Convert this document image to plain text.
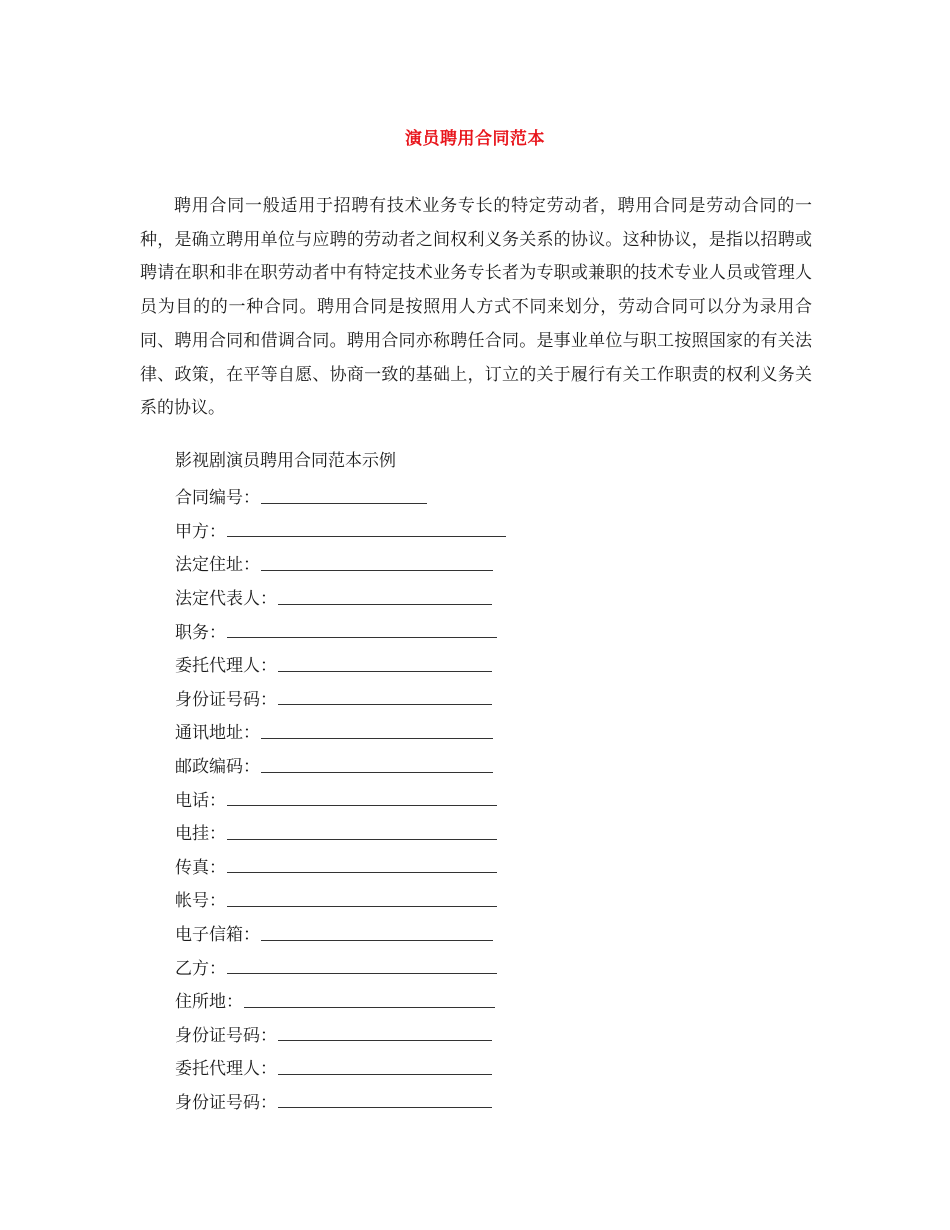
演员聘用合同范本

聘用合同一般适用于招聘有技术业务专长的特定劳动者，聘用合同是劳动合同的一种，是确立聘用单位与应聘的劳动者之间权利义务关系的协议。这种协议，是指以招聘或聘请在职和非在职劳动者中有特定技术业务专长者为专职或兼职的技术专业人员或管理人员为目的的一种合同。聘用合同是按照用人方式不同来划分，劳动合同可以分为录用合同、聘用合同和借调合同。聘用合同亦称聘任合同。是事业单位与职工按照国家的有关法律、政策，在平等自愿、协商一致的基础上，订立的关于履行有关工作职责的权利义务关系的协议。

影视剧演员聘用合同范本示例

合同编号：
甲方：
法定住址：
法定代表人：
职务：
委托代理人：
身份证号码：
通讯地址：
邮政编码：
电话：
电挂：
传真：
帐号：
电子信箱：
乙方：
住所地：
身份证号码：
委托代理人：
身份证号码：
